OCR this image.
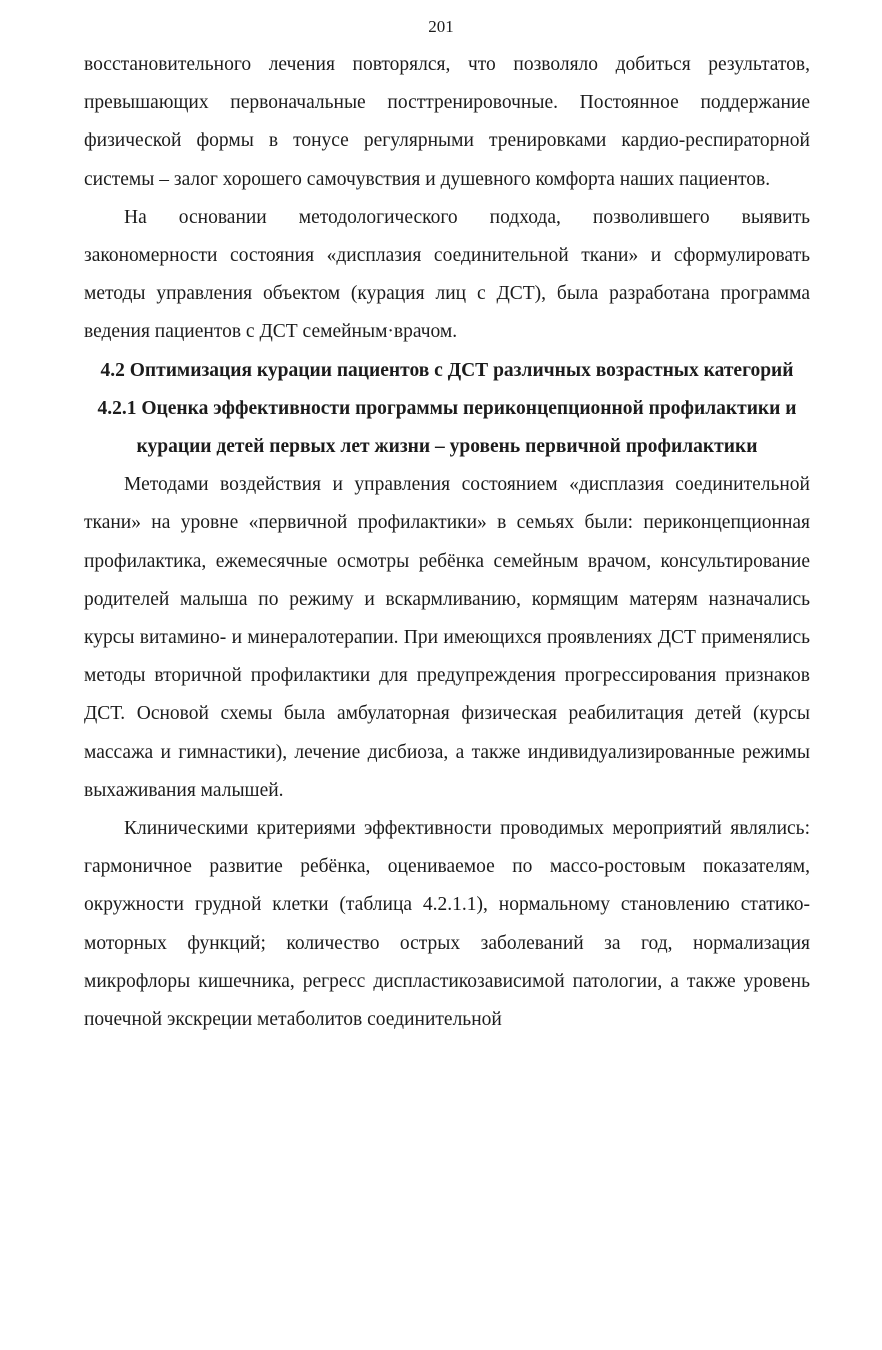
201

восстановительного лечения повторялся, что позволяло добиться результатов, превышающих первоначальные посттренировочные. Постоянное поддержание физической формы в тонусе регулярными тренировками кардио-респираторной системы – залог хорошего самочувствия и душевного комфорта наших пациентов.

На основании методологического подхода, позволившего выявить закономерности состояния «дисплазия соединительной ткани» и сформулировать методы управления объектом (курация лиц с ДСТ), была разработана программа ведения пациентов с ДСТ семейным·врачом.

4.2 Оптимизация курации пациентов с ДСТ различных возрастных категорий

4.2.1 Оценка эффективности программы периконцепционной профилактики и курации детей первых лет жизни – уровень первичной профилактики

Методами воздействия и управления состоянием «дисплазия соединительной ткани» на уровне «первичной профилактики» в семьях были: периконцепционная профилактика, ежемесячные осмотры ребёнка семейным врачом, консультирование родителей малыша по режиму и вскармливанию, кормящим матерям назначались курсы витамино- и минералотерапии. При имеющихся проявлениях ДСТ применялись методы вторичной профилактики для предупреждения прогрессирования признаков ДСТ. Основой схемы была амбулаторная физическая реабилитация детей (курсы массажа и гимнастики), лечение дисбиоза, а также индивидуализированные режимы выхаживания малышей.

Клиническими критериями эффективности проводимых мероприятий являлись: гармоничное развитие ребёнка, оцениваемое по массо-ростовым показателям, окружности грудной клетки (таблица 4.2.1.1), нормальному становлению статико-моторных функций; количество острых заболеваний за год, нормализация микрофлоры кишечника, регресс диспластикозависимой патологии, а также уровень почечной экскреции метаболитов соединительной
